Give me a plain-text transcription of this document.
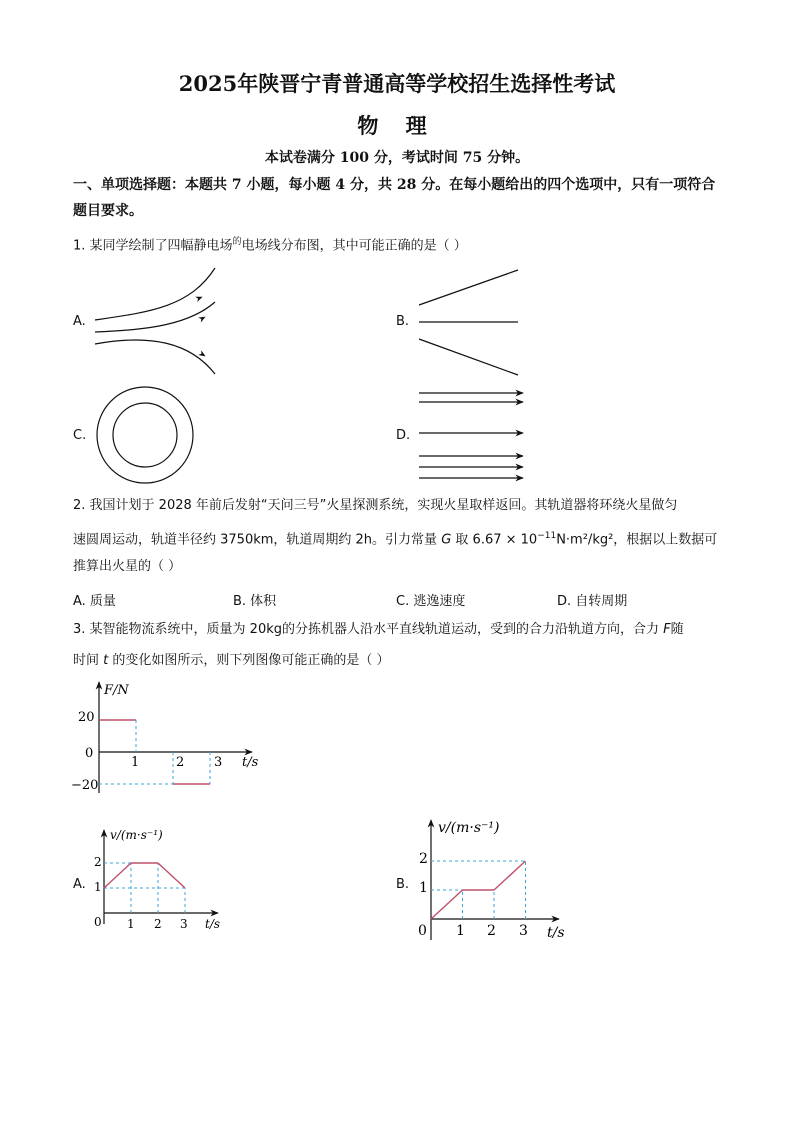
2025年陕晋宁青普通高等学校招生选择性考试
物 理
本试卷满分 100 分，考试时间 75 分钟。
一、单项选择题：本题共 7 小题，每小题 4 分，共 28 分。在每小题给出的四个选项中，只有一项符合题目要求。
1. 某同学绘制了四幅静电场$^的$电场线分布图，其中可能正确的是（ ）
A.	B.
C.	D.
2. 我国计划于 2028 年前后发射“天问三号”火星探测系统，实现火星取样返回。其轨道器将环绕火星做匀
速圆周运动，轨道半径约 3750km，轨道周期约 2h。引力常量 G 取 $6.67 \times 10^{-11}N\cdot m^2$/kg²，根据以上数据可
推算出火星的（ ）
A. 质量	B. 体积	C. 逃逸速度	D. 自转周期
3. 某智能物流系统中，质量为 20kg的分拣机器人沿水平直线轨道运动，受到的合力沿轨道方向，合力 F随
时间 t 的变化如图所示，则下列图像可能正确的是（ ）
F/N
t/s
20
0
−20
1	2 3
A.
v/(m·s⁻¹)
t/s
0
1
2
1 2 3
B.
v/(m·s⁻¹)
t/s
0
1
2
1 2 3
